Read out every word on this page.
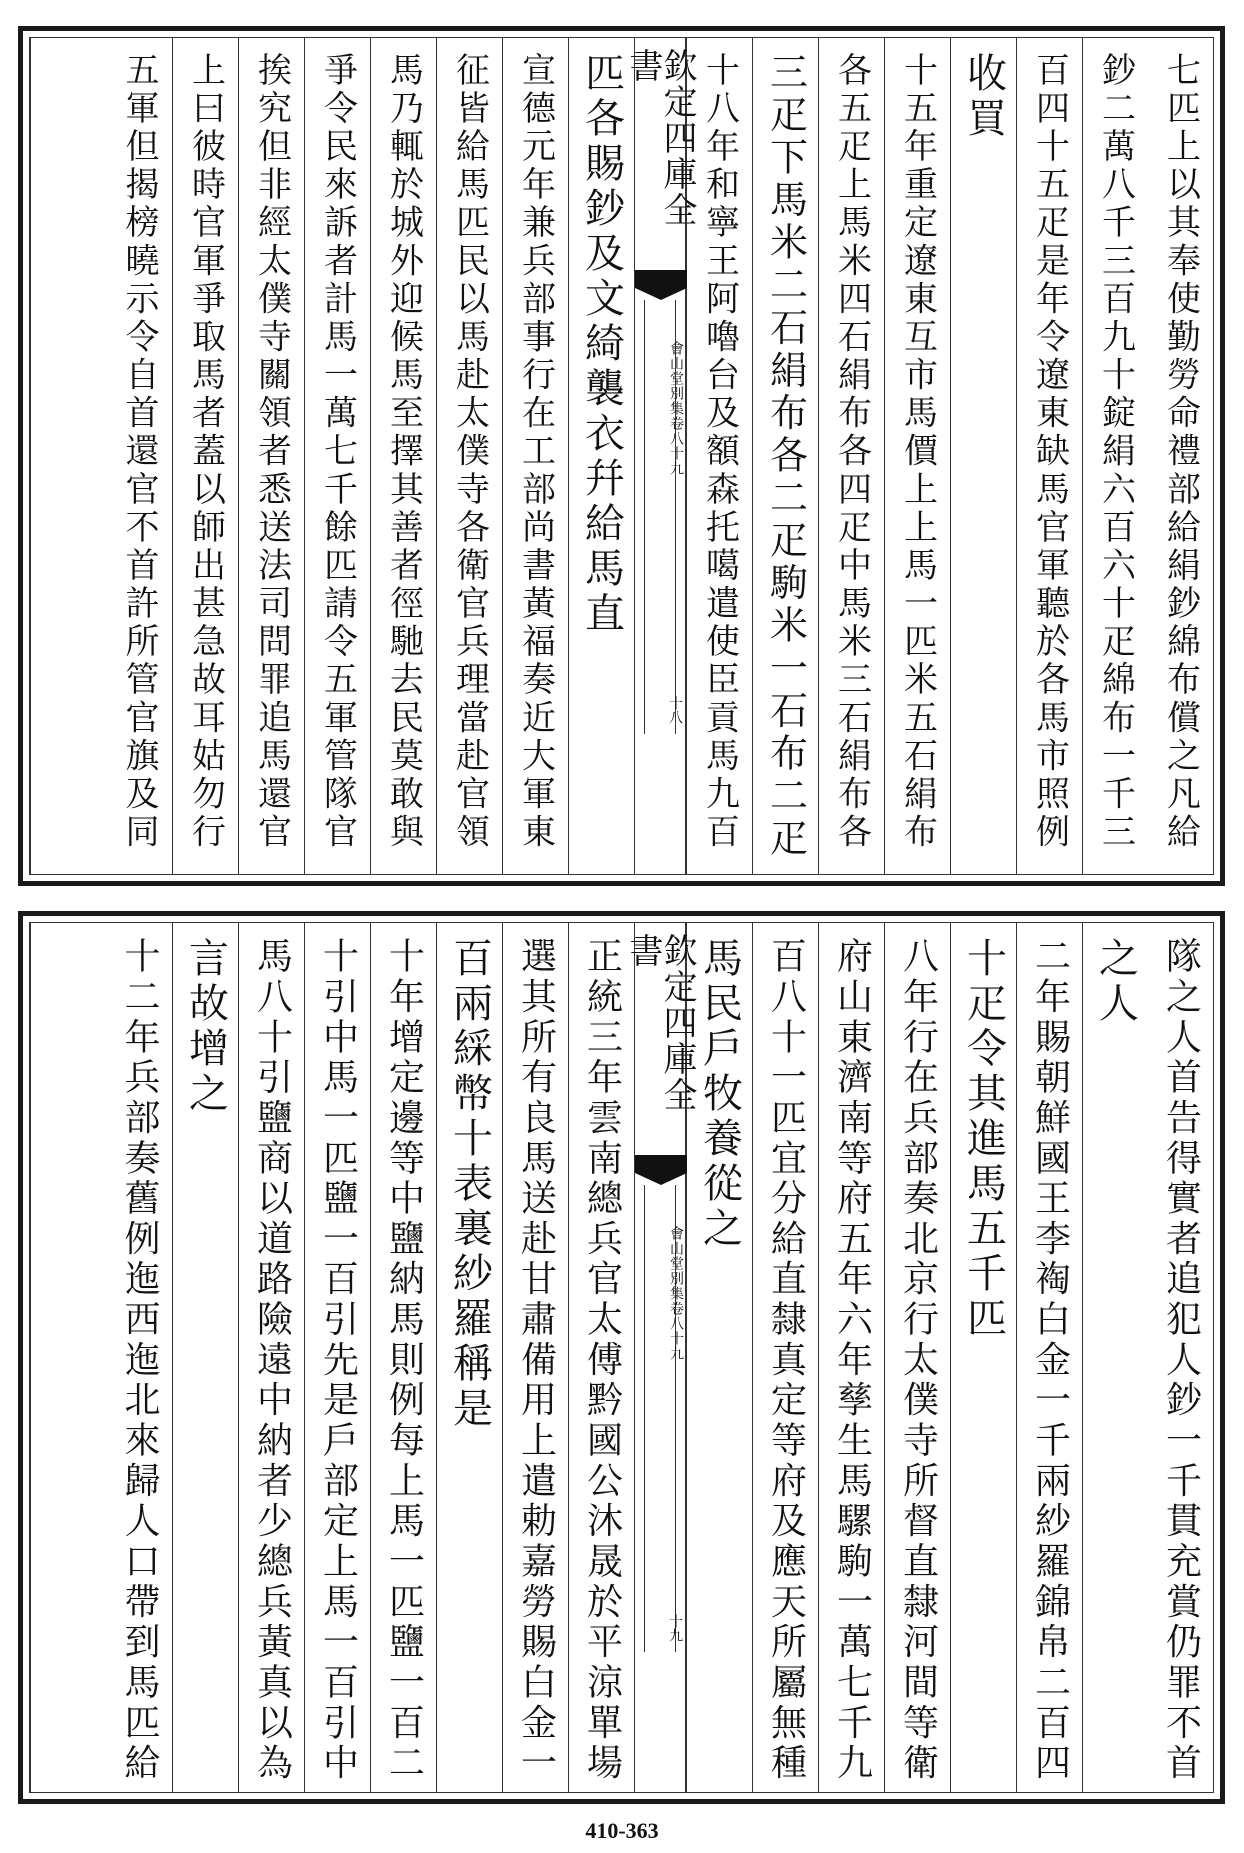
七匹上以其奉使勤勞命禮部給絹鈔綿布償之凡給
鈔二萬八千三百九十錠絹六百六十疋綿布一千三
百四十五疋是年令遼東缺馬官軍聽於各馬市照例
收買
十五年重定遼東互市馬價上上馬一匹米五石絹布
各五疋上馬米四石絹布各四疋中馬米三石絹布各
三疋下馬米二石絹布各二疋駒米一石布二疋
十八年和寧王阿嚕台及額森托噶遣使臣貢馬九百
欽定四庫全書
會山堂別集
卷八十九
十八
匹各賜鈔及文綺襲衣幷給馬直
宣德元年兼兵部事行在工部尚書黃福奏近大軍東
征皆給馬匹民以馬赴太僕寺各衛官兵理當赴官領
馬乃輒於城外迎候馬至擇其善者徑馳去民莫敢與
爭令民來訴者計馬一萬七千餘匹請令五軍管隊官
挨究但非經太僕寺關領者悉送法司問罪追馬還官
上曰彼時官軍爭取馬者蓋以師出甚急故耳姑勿行
五軍但揭榜曉示令自首還官不首許所管官旗及同
隊之人首告得實者追犯人鈔一千貫充賞仍罪不首
之人
二年賜朝鮮國王李裪白金一千兩紗羅錦帛二百四
十疋令其進馬五千匹
八年行在兵部奏北京行太僕寺所督直隸河間等衛
府山東濟南等府五年六年孳生馬騾駒一萬七千九
百八十一匹宜分給直隸真定等府及應天所屬無種
馬民戶牧養從之
欽定四庫全書
會山堂別集
卷八十九
十九
正統三年雲南總兵官太傅黔國公沐晟於平涼單場
選其所有良馬送赴甘肅備用上遣勅嘉勞賜白金一
百兩綵幣十表裏紗羅稱是
十年增定邊等中鹽納馬則例每上馬一匹鹽一百二
十引中馬一匹鹽一百引先是戶部定上馬一百引中
馬八十引鹽商以道路險遠中納者少總兵黃真以為
言故增之
十二年兵部奏舊例迤西迤北來歸人口帶到馬匹給
410-363
